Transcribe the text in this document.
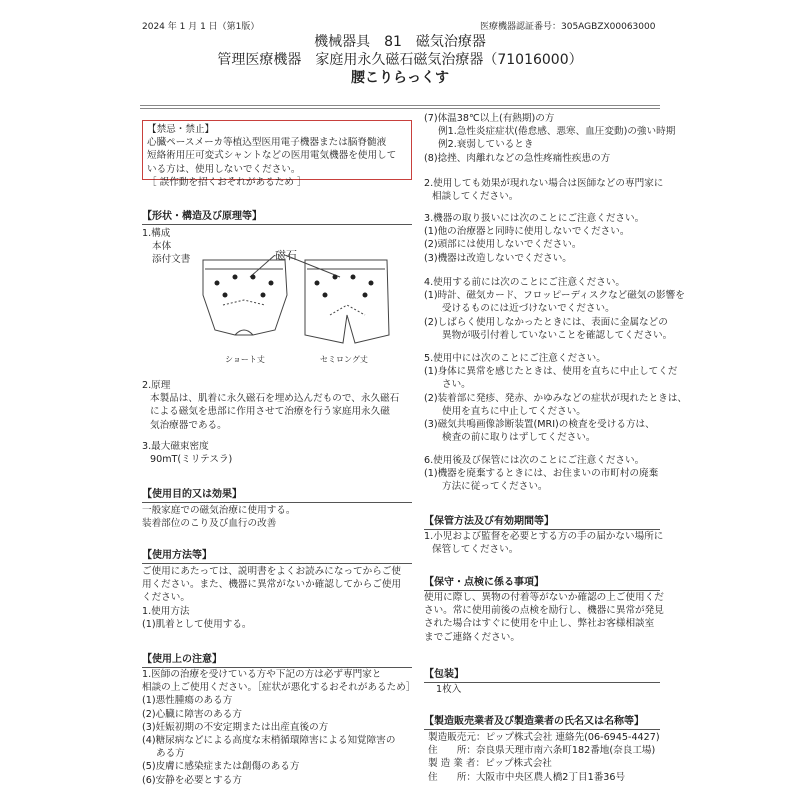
2024 年 1 月 1 日（第1版）	医療機器認証番号：305AGBZX00063000
機械器具　81　磁気治療器
管理医療機器　家庭用永久磁石磁気治療器（71016000）
腰こりらっくす
【禁忌・禁止】
心臓ペースメーカ等植込型医用電子機器または脳脊髄液
短絡術用圧可変式シャントなどの医用電気機器を使用して
いる方は、使用しないでください。
［ 誤作動を招くおそれがあるため ］
【形状・構造及び原理等】
1.構成
本体
添付文書	磁石
ショート丈	セミロング丈
2.原理
本製品は、肌着に永久磁石を埋め込んだもので、永久磁石
による磁気を患部に作用させて治療を行う家庭用永久磁
気治療器である。
3.最大磁束密度
90mT(ミリテスラ)
【使用目的又は効果】
一般家庭での磁気治療に使用する。
装着部位のこり及び血行の改善
【使用方法等】
ご使用にあたっては、説明書をよくお読みになってからご使
用ください。また、機器に異常がないか確認してからご使用
ください。
1.使用方法
(1)肌着として使用する。
【使用上の注意】
1.医師の治療を受けている方や下記の方は必ず専門家と
相談の上ご使用ください。［症状が悪化するおそれがあるため］
(1)悪性腫瘍のある方
(2)心臓に障害のある方
(3)妊娠初期の不安定期または出産直後の方
(4)糖尿病などによる高度な末梢循環障害による知覚障害の
ある方
(5)皮膚に感染症または創傷のある方
(6)安静を必要とする方
(7)体温38℃以上(有熱期)の方
例1.急性炎症症状(倦怠感、悪寒、血圧変動)の強い時期
例2.衰弱しているとき
(8)捻挫、肉離れなどの急性疼痛性疾患の方
2.使用しても効果が現れない場合は医師などの専門家に
相談してください。
3.機器の取り扱いには次のことにご注意ください。
(1)他の治療器と同時に使用しないでください。
(2)頭部には使用しないでください。
(3)機器は改造しないでください。
4.使用する前には次のことにご注意ください。
(1)時計、磁気カード、フロッピーディスクなど磁気の影響を
受けるものには近づけないでください。
(2)しばらく使用しなかったときには、表面に金属などの
異物が吸引付着していないことを確認してください。
5.使用中には次のことにご注意ください。
(1)身体に異常を感じたときは、使用を直ちに中止してくだ
さい。
(2)装着部に発疹、発赤、かゆみなどの症状が現れたときは、
使用を直ちに中止してください。
(3)磁気共鳴画像診断装置(MRI)の検査を受ける方は、
検査の前に取りはずしてください。
6.使用後及び保管には次のことにご注意ください。
(1)機器を廃棄するときには、お住まいの市町村の廃棄
方法に従ってください。
【保管方法及び有効期間等】
1.小児および監督を必要とする方の手の届かない場所に
保管してください。
【保守・点検に係る事項】
使用に際し、異物の付着等がないか確認の上ご使用くだ
さい。常に使用前後の点検を励行し、機器に異常が発見
された場合はすぐに使用を中止し、弊社お客様相談室
までご連絡ください。
【包装】
1枚入
【製造販売業者及び製造業者の氏名又は名称等】
製造販売元：ピップ株式会社 連絡先(06-6945-4427)
住　　所：奈良県天理市南六条町182番地(奈良工場)
製 造 業 者：ピップ株式会社
住　　所：大阪市中央区農人橋2丁目1番36号
